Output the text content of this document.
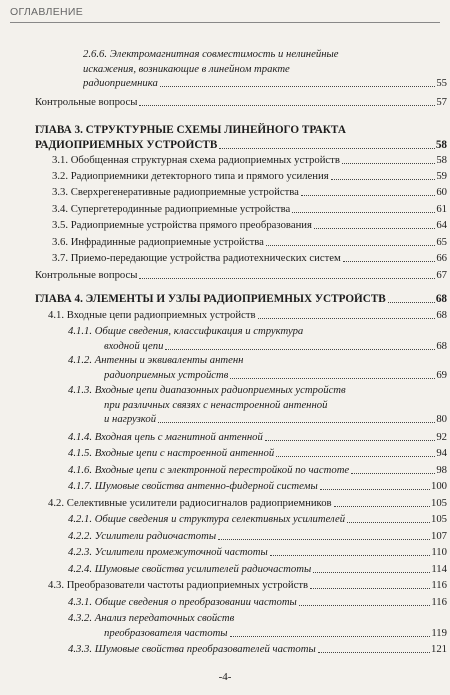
ОГЛАВЛЕНИЕ
2.6.6. Электромагнитная совместимость и нелинейные
искажения, возникающие в линейном тракте
радиоприемника	55
Контрольные вопросы	57
ГЛАВА 3. СТРУКТУРНЫЕ СХЕМЫ ЛИНЕЙНОГО ТРАКТА
РАДИОПРИЕМНЫХ УСТРОЙСТВ	58
3.1. Обобщенная структурная схема радиоприемных устройств	58
3.2. Радиоприемники детекторного типа и прямого усиления	59
3.3. Сверхрегенеративные радиоприемные устройства	60
3.4. Супергетеродинные радиоприемные устройства	61
3.5. Радиоприемные устройства прямого преобразования	64
3.6. Инфрадинные радиоприемные устройства	65
3.7. Приемо-передающие устройства радиотехнических систем	66
Контрольные вопросы	67
ГЛАВА 4. ЭЛЕМЕНТЫ И УЗЛЫ РАДИОПРИЕМНЫХ УСТРОЙСТВ	68
4.1. Входные цепи радиоприемных устройств	68
4.1.1. Общие сведения, классификация и структура
входной цепи	68
4.1.2. Антенны и эквиваленты антенн
радиоприемных устройств	69
4.1.3. Входные цепи диапазонных радиоприемных устройств
при различных связях с ненастроенной антенной
и нагрузкой	80
4.1.4. Входная цепь с магнитной антенной	92
4.1.5. Входные цепи с настроенной антенной	94
4.1.6. Входные цепи с электронной перестройкой по частоте	98
4.1.7. Шумовые свойства антенно-фидерной системы	100
4.2. Селективные усилители радиосигналов радиоприемников	105
4.2.1. Общие сведения и структура селективных усилителей	105
4.2.2. Усилители радиочастоты	107
4.2.3. Усилители промежуточной частоты	110
4.2.4. Шумовые свойства усилителей радиочастоты	114
4.3. Преобразователи частоты радиоприемных устройств	116
4.3.1. Общие сведения о преобразовании частоты	116
4.3.2. Анализ передаточных свойств
преобразователя частоты	119
4.3.3. Шумовые свойства преобразователей частоты	121
-4-
